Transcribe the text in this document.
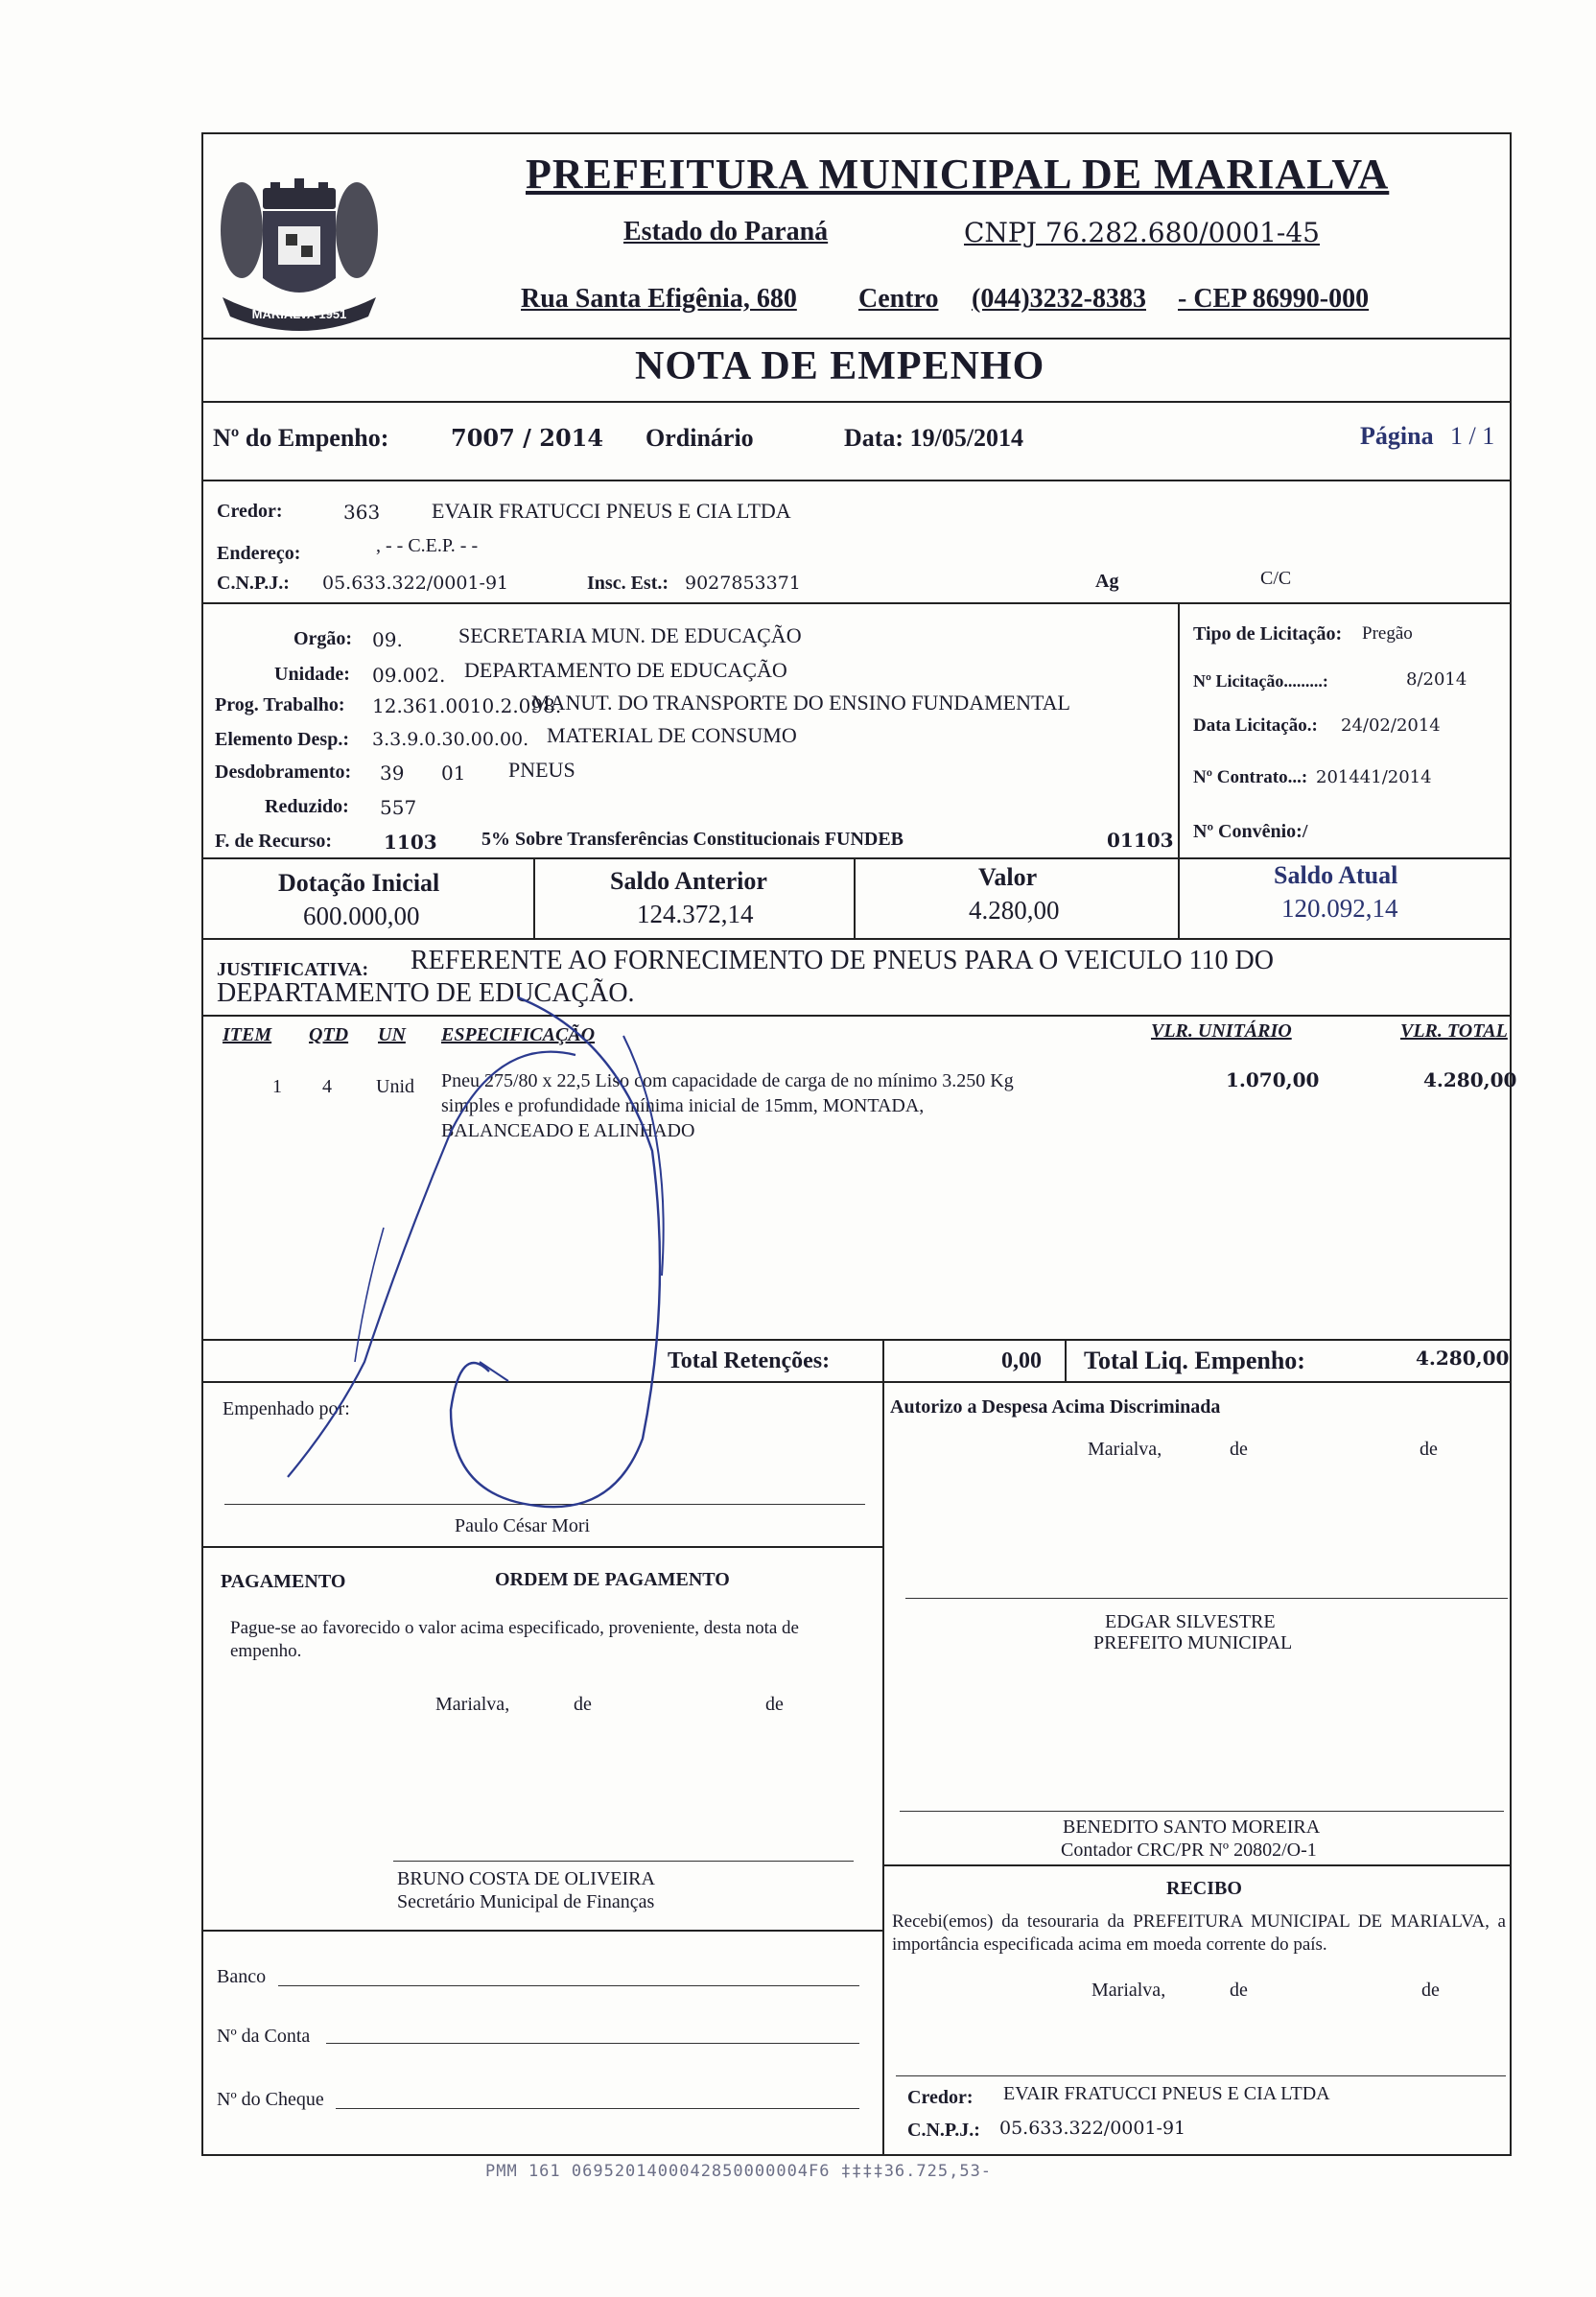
MARIALVA 1951
PREFEITURA MUNICIPAL DE MARIALVA
Estado do Paraná	CNPJ 76.282.680/0001-45
Rua Santa Efigênia, 680 Centro (044)3232-8383 - CEP 86990-000
NOTA DE EMPENHO
Nº do Empenho:	7007 / 2014 Ordinário	Data: 19/05/2014	Página 1 / 1
Credor:	363 EVAIR FRATUCCI PNEUS E CIA LTDA
Endereço:	, - - C.E.P. - -
C.N.P.J.: 05.633.322/0001-91	Insc. Est.: 9027853371	Ag	C/C
Orgão: 09.	SECRETARIA MUN. DE EDUCAÇÃO
Unidade: 09.002. DEPARTAMENTO DE EDUCAÇÃO
Prog. Trabalho: 12.361.0010.2.098.
MANUT. DO TRANSPORTE DO ENSINO FUNDAMENTAL
Elemento Desp.: 3.3.9.0.30.00.00. MATERIAL DE CONSUMO
Desdobramento: 39 01 PNEUS
Reduzido: 557
F. de Recurso:	1103 5% Sobre Transferências Constitucionais FUNDEB	01103
Tipo de Licitação: Pregão
Nº Licitação.........:	8/2014
Data Licitação.: 24/02/2014
Nº Contrato...: 201441/2014
Nº Convênio:/
Dotação Inicial
600.000,00
Saldo Anterior
124.372,14
Valor
4.280,00
Saldo Atual
120.092,14
JUSTIFICATIVA: REFERENTE AO FORNECIMENTO DE PNEUS PARA O VEICULO 110 DO
DEPARTAMENTO DE EDUCAÇÃO.
ITEM QTD UN ESPECIFICAÇÃO	VLR. UNITÁRIO	VLR. TOTAL
1 4 Unid Pneu 275/80 x 22,5 Liso com capacidade de carga de no mínimo 3.250 Kg
simples e profundidade mínima inicial de 15mm, MONTADA,
BALANCEADO E ALINHADO
1.070,00	4.280,00
Total Retenções:	0,00 Total Liq. Empenho:	4.280,00
Empenhado por:
Paulo César Mori
Autorizo a Despesa Acima Discriminada
Marialva,	de	de
PAGAMENTO	ORDEM DE PAGAMENTO
Pague-se ao favorecido o valor acima especificado, proveniente, desta nota de empenho.
Marialva,	de	de
EDGAR SILVESTRE
PREFEITO MUNICIPAL
BENEDITO SANTO MOREIRA
Contador CRC/PR Nº 20802/O-1
RECIBO
Recebi(emos) da tesouraria da PREFEITURA MUNICIPAL DE MARIALVA, a importância especificada acima em moeda corrente do país.
Marialva,	de	de
BRUNO COSTA DE OLIVEIRA
Secretário Municipal de Finanças
Banco
Nº da Conta
Nº do Cheque	Credor: EVAIR FRATUCCI PNEUS E CIA LTDA
C.N.P.J.: 05.633.322/0001-91
PMM 161 0695201400042850000004F6 ‡‡‡‡36.725,53-
